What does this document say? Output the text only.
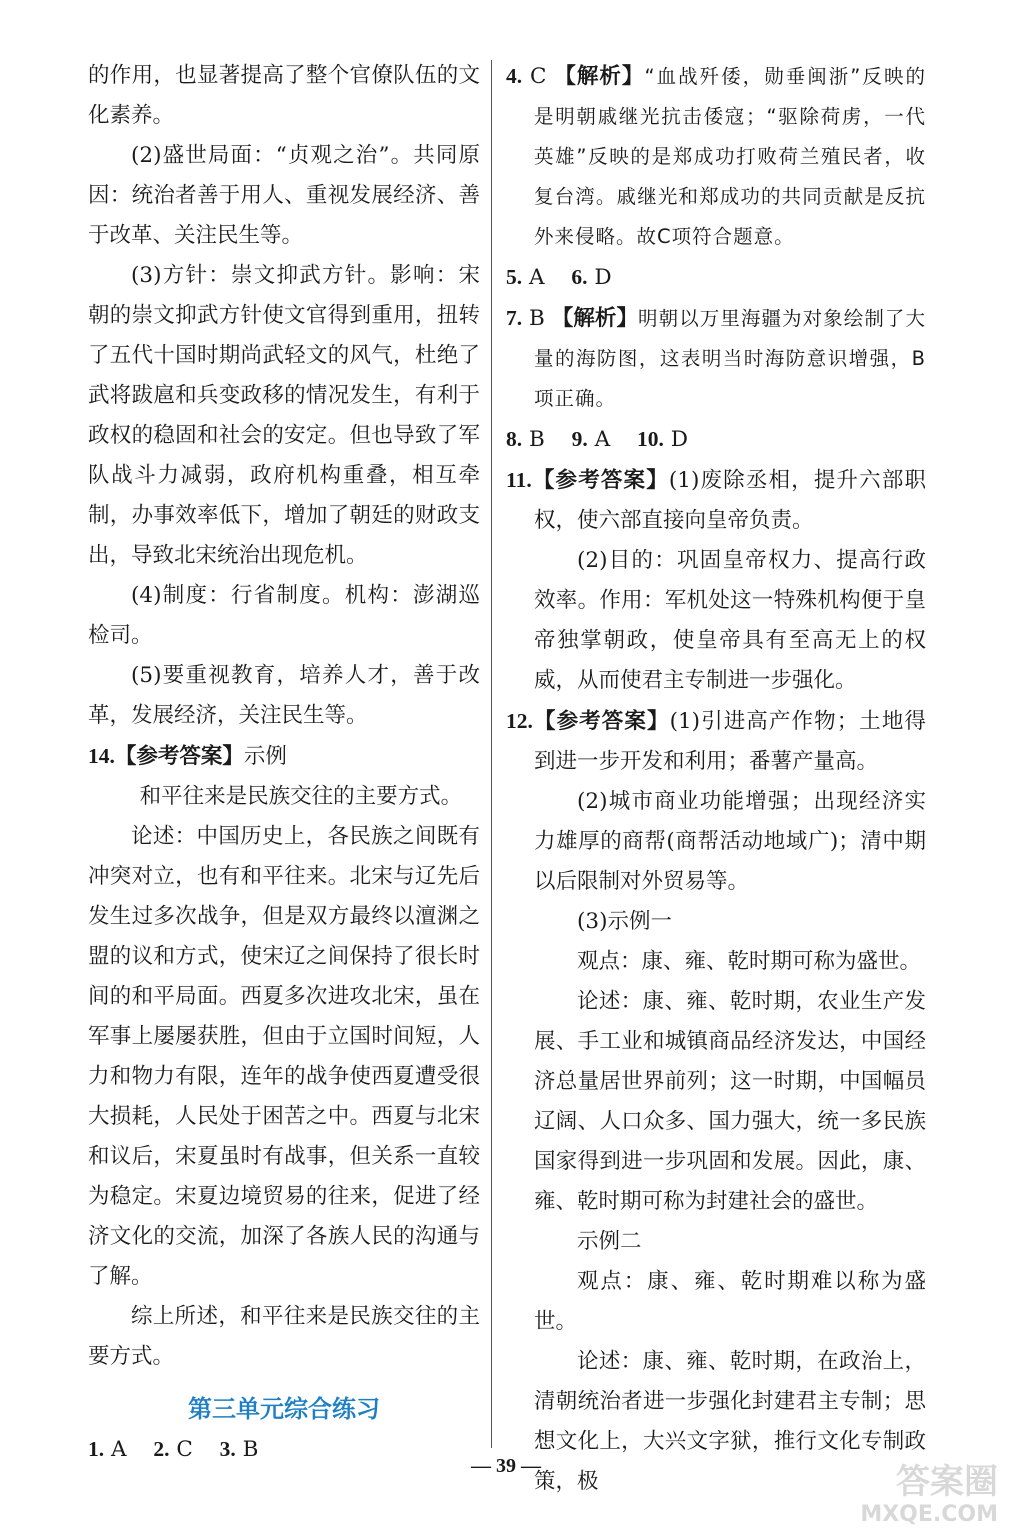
的作用，也显著提高了整个官僚队伍的文化素养。

(2)盛世局面：“贞观之治”。共同原因：统治者善于用人、重视发展经济、善于改革、关注民生等。

(3)方针：崇文抑武方针。影响：宋朝的崇文抑武方针使文官得到重用，扭转了五代十国时期尚武轻文的风气，杜绝了武将跋扈和兵变政移的情况发生，有利于政权的稳固和社会的安定。但也导致了军队战斗力减弱，政府机构重叠，相互牵制，办事效率低下，增加了朝廷的财政支出，导致北宋统治出现危机。

(4)制度：行省制度。机构：澎湖巡检司。

(5)要重视教育，培养人才，善于改革，发展经济，关注民生等。

14.【参考答案】示例

和平往来是民族交往的主要方式。

论述：中国历史上，各民族之间既有冲突对立，也有和平往来。北宋与辽先后发生过多次战争，但是双方最终以澶渊之盟的议和方式，使宋辽之间保持了很长时间的和平局面。西夏多次进攻北宋，虽在军事上屡屡获胜，但由于立国时间短，人力和物力有限，连年的战争使西夏遭受很大损耗，人民处于困苦之中。西夏与北宋和议后，宋夏虽时有战事，但关系一直较为稳定。宋夏边境贸易的往来，促进了经济文化的交流，加深了各族人民的沟通与了解。

综上所述，和平往来是民族交往的主要方式。

第三单元综合练习

1. A 2. C 3. B

4. C 【解析】“血战歼倭，勋垂闽浙”反映的是明朝戚继光抗击倭寇；“驱除荷虏，一代英雄”反映的是郑成功打败荷兰殖民者，收复台湾。戚继光和郑成功的共同贡献是反抗外来侵略。故C项符合题意。

5. A 6. D

7. B 【解析】明朝以万里海疆为对象绘制了大量的海防图，这表明当时海防意识增强，B项正确。

8. B 9. A 10. D

11.【参考答案】(1)废除丞相，提升六部职权，使六部直接向皇帝负责。

(2)目的：巩固皇帝权力、提高行政效率。作用：军机处这一特殊机构便于皇帝独掌朝政，使皇帝具有至高无上的权威，从而使君主专制进一步强化。

12.【参考答案】(1)引进高产作物；土地得到进一步开发和利用；番薯产量高。

(2)城市商业功能增强；出现经济实力雄厚的商帮(商帮活动地域广)；清中期以后限制对外贸易等。

(3)示例一

观点：康、雍、乾时期可称为盛世。

论述：康、雍、乾时期，农业生产发展、手工业和城镇商品经济发达，中国经济总量居世界前列；这一时期，中国幅员辽阔、人口众多、国力强大，统一多民族国家得到进一步巩固和发展。因此，康、雍、乾时期可称为封建社会的盛世。

示例二

观点：康、雍、乾时期难以称为盛世。

论述：康、雍、乾时期，在政治上，清朝统治者进一步强化封建君主专制；思想文化上，大兴文字狱，推行文化专制政策，极

— 39 —	答案圈
MXQE.COM
